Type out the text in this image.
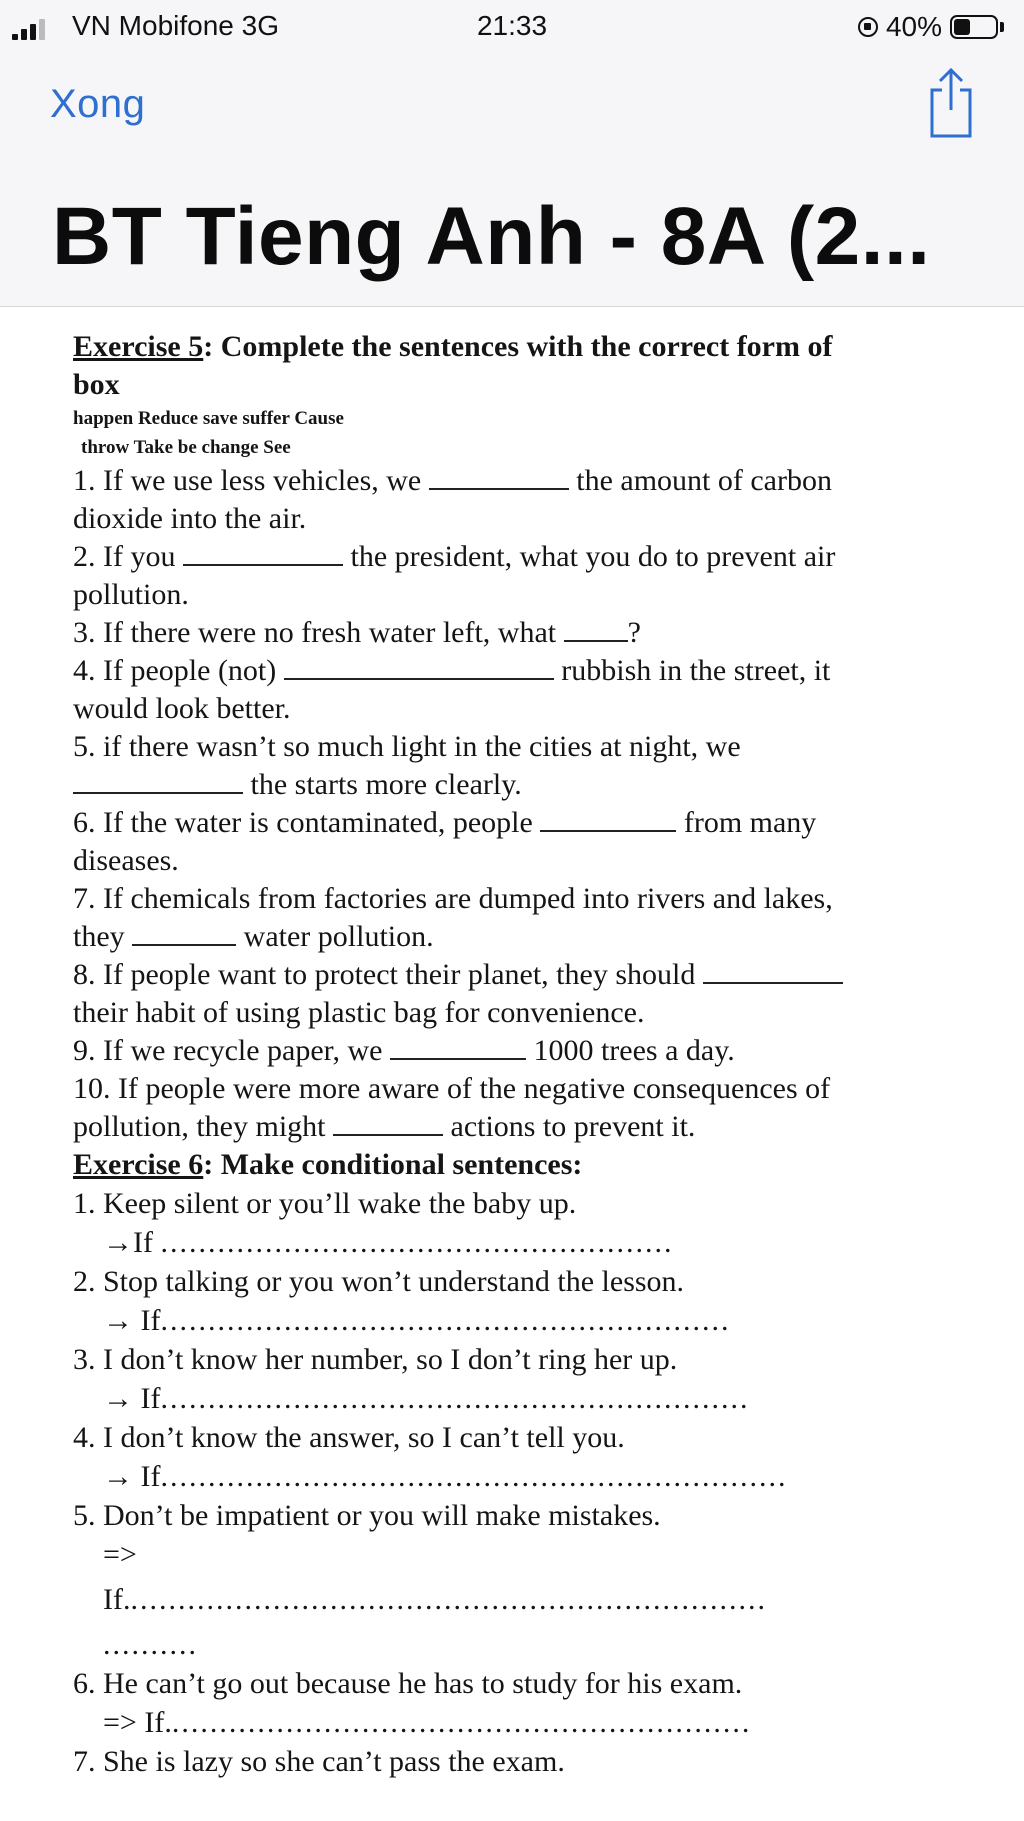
VN Mobifone 3G	21:33	40%
Xong
BT Tieng Anh - 8A (2...
Exercise 5: Complete the sentences with the correct form of
box
happen Reduce save suffer Cause
throw Take be change See
1. If we use less vehicles, we	the amount of carbon
dioxide into the air.
2. If you	the president, what you do to prevent air
pollution.
3. If there were no fresh water left, what ?
4. If people (not)	rubbish in the street, it
would look better.
5. if there wasn’t so much light in the cities at night, we
the starts more clearly.
6. If the water is contaminated, people	from many
diseases.
7. If chemicals from factories are dumped into rivers and lakes,
they	water pollution.
8. If people want to protect their planet, they should
their habit of using plastic bag for convenience.
9. If we recycle paper, we	1000 trees a day.
10. If people were more aware of the negative consequences of
pollution, they might	actions to prevent it.
Exercise 6: Make conditional sentences:
1. Keep silent or you’ll wake the baby up.
→If ......................................................
2. Stop talking or you won’t understand the lesson.
→ If............................................................
3. I don’t know her number, so I don’t ring her up.
→ If..............................................................
4. I don’t know the answer, so I can’t tell you.
→ If..................................................................
5. Don’t be impatient or you will make mistakes.
=>
If....................................................................
..........
6. He can’t go out because he has to study for his exam.
=> If..............................................................
7. She is lazy so she can’t pass the exam.
